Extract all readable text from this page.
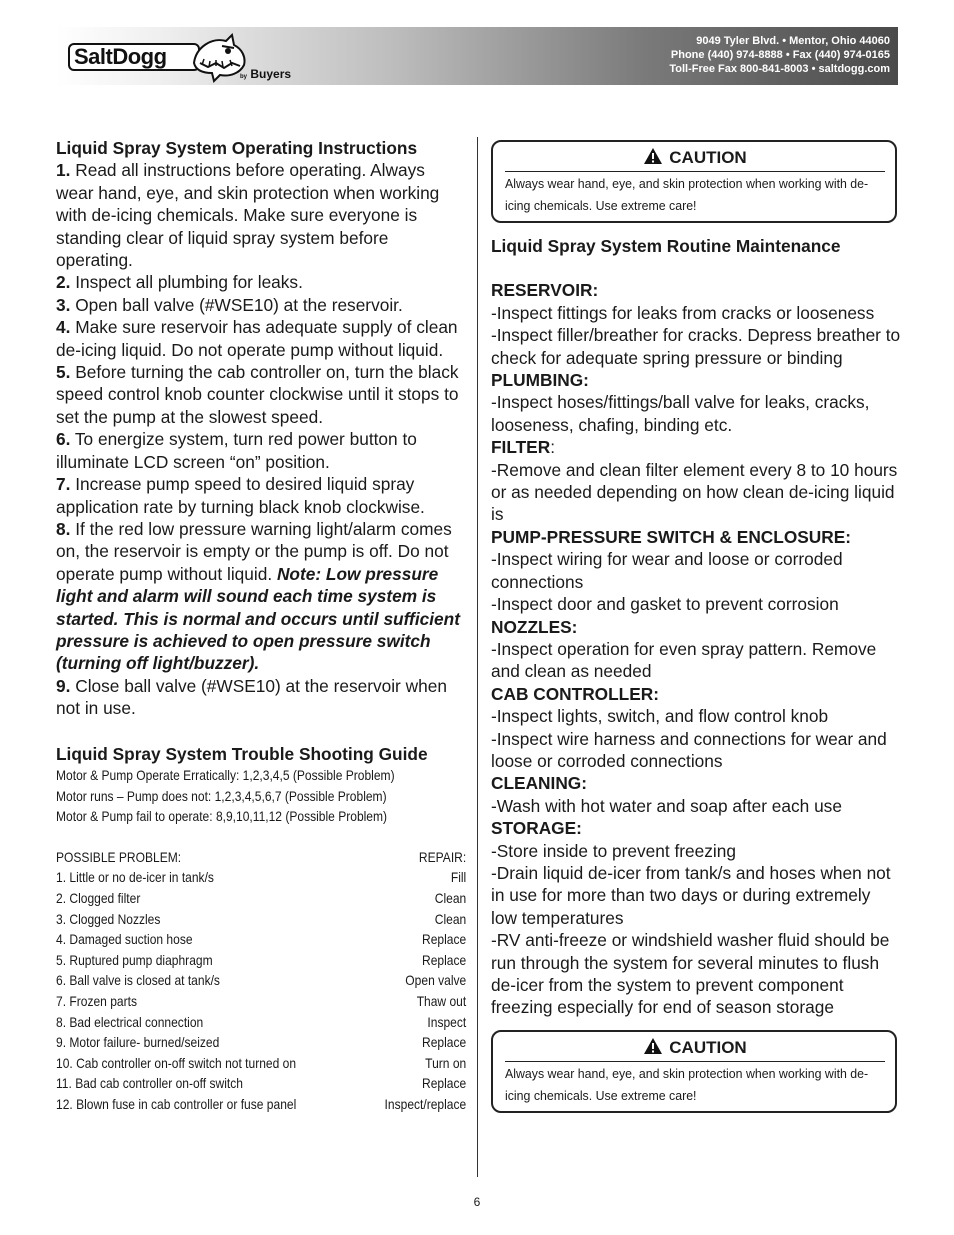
SaltDogg
by Buyers
9049 Tyler Blvd. • Mentor, Ohio 44060
Phone (440) 974-8888 • Fax (440) 974-0165
Toll-Free Fax 800-841-8003 • saltdogg.com
Liquid Spray System Operating Instructions
1. Read all instructions before operating. Always wear hand, eye, and skin protection when working with de-icing chemicals. Make sure everyone is standing clear of liquid spray system before operating.
2. Inspect all plumbing for leaks.
3. Open ball valve (#WSE10) at the reservoir.
4. Make sure reservoir has adequate supply of clean de-icing liquid. Do not operate pump without liquid.
5. Before turning the cab controller on, turn the black speed control knob counter clockwise until it stops to set the pump at the slowest speed.
6. To energize system, turn red power button to illuminate LCD screen “on” position.
7. Increase pump speed to desired liquid spray application rate by turning black knob clockwise.
8. If the red low pressure warning light/alarm comes on, the reservoir is empty or the pump is off. Do not operate pump without liquid. Note: Low pressure light and alarm will sound each time system is started. This is normal and occurs until sufficient pressure is achieved to open pressure switch (turning off light/buzzer).
9. Close ball valve (#WSE10) at the reservoir when not in use.
Liquid Spray System Trouble Shooting Guide
Motor & Pump Operate Erratically: 1,2,3,4,5 (Possible Problem)
Motor runs – Pump does not: 1,2,3,4,5,6,7 (Possible Problem)
Motor & Pump fail to operate: 8,9,10,11,12 (Possible Problem)
POSSIBLE PROBLEM:	REPAIR:
1. Little or no de-icer in tank/s	Fill
2. Clogged filter	Clean
3. Clogged Nozzles	Clean
4. Damaged suction hose	Replace
5. Ruptured pump diaphragm	Replace
6. Ball valve is closed at tank/s	Open valve
7. Frozen parts	Thaw out
8. Bad electrical connection	Inspect
9. Motor failure- burned/seized	Replace
10. Cab controller on-off switch not turned on	Turn on
11. Bad cab controller on-off switch	Replace
12. Blown fuse in cab controller or fuse panel	Inspect/replace
CAUTION
Always wear hand, eye, and skin protection when working with de-icing chemicals. Use extreme care!
Liquid Spray System Routine Maintenance
RESERVOIR:
-Inspect fittings for leaks from cracks or looseness
-Inspect filler/breather for cracks. Depress breather to check for adequate spring pressure or binding
PLUMBING:
-Inspect hoses/fittings/ball valve for leaks, cracks, looseness, chafing, binding etc.
FILTER:
-Remove and clean filter element every 8 to 10 hours or as needed depending on how clean de-icing liquid is
PUMP-PRESSURE SWITCH & ENCLOSURE:
-Inspect wiring for wear and loose or corroded connections
-Inspect door and gasket to prevent corrosion
NOZZLES:
-Inspect operation for even spray pattern. Remove and clean as needed
CAB CONTROLLER:
-Inspect lights, switch, and flow control knob
-Inspect wire harness and connections for wear and loose or corroded connections
CLEANING:
-Wash with hot water and soap after each use
STORAGE:
-Store inside to prevent freezing
-Drain liquid de-icer from tank/s and hoses when not in use for more than two days or during extremely low temperatures
-RV anti-freeze or windshield washer fluid should be run through the system for several minutes to flush de-icer from the system to prevent component freezing especially for end of season storage
CAUTION
Always wear hand, eye, and skin protection when working with de-icing chemicals. Use extreme care!
6
